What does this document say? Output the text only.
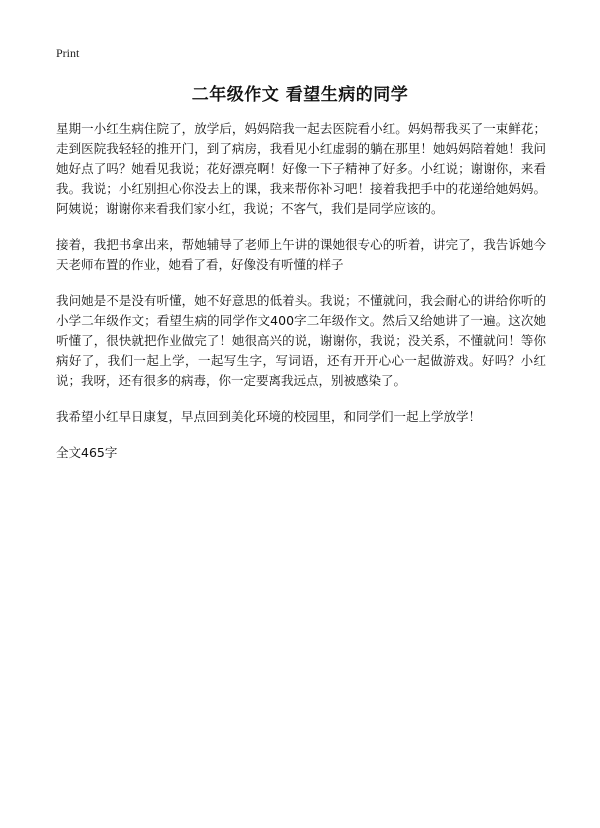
Print
二年级作文 看望生病的同学

星期一小红生病住院了，放学后，妈妈陪我一起去医院看小红。妈妈帮我买了一束鲜花；走到医院我轻轻的推开门，到了病房，我看见小红虚弱的躺在那里！她妈妈陪着她！我问她好点了吗？她看见我说；花好漂亮啊！好像一下子精神了好多。小红说；谢谢你，来看我。我说；小红别担心你没去上的课，我来帮你补习吧！接着我把手中的花递给她妈妈。阿姨说；谢谢你来看我们家小红，我说；不客气，我们是同学应该的。

接着，我把书拿出来，帮她辅导了老师上午讲的课她很专心的听着，讲完了，我告诉她今天老师布置的作业，她看了看，好像没有听懂的样子

我问她是不是没有听懂，她不好意思的低着头。我说；不懂就问，我会耐心的讲给你听的小学二年级作文；看望生病的同学作文400字二年级作文。然后又给她讲了一遍。这次她听懂了，很快就把作业做完了！她很高兴的说，谢谢你，我说；没关系，不懂就问！等你病好了，我们一起上学，一起写生字，写词语，还有开开心心一起做游戏。好吗？小红说；我呀，还有很多的病毒，你一定要离我远点，别被感染了。

我希望小红早日康复，早点回到美化环境的校园里，和同学们一起上学放学！

全文465字
